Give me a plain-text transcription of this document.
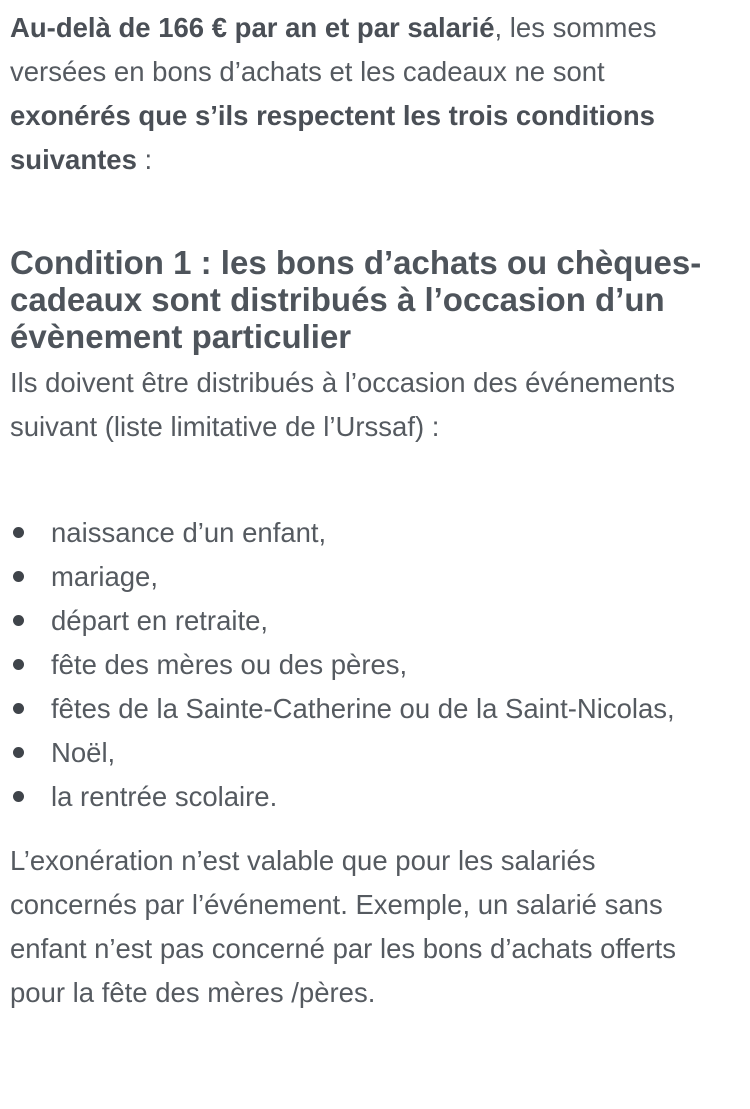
Au-delà de 166 € par an et par salarié, les sommes versées en bons d’achats et les cadeaux ne sont exonérés que s’ils respectent les trois conditions suivantes :

Condition 1 : les bons d’achats ou chèques-cadeaux sont distribués à l’occasion d’un évènement particulier

Ils doivent être distribués à l’occasion des événements suivant (liste limitative de l’Urssaf) :

naissance d’un enfant,
mariage,
départ en retraite,
fête des mères ou des pères,
fêtes de la Sainte-Catherine ou de la Saint-Nicolas,
Noël,
la rentrée scolaire.

L’exonération n’est valable que pour les salariés concernés par l’événement. Exemple, un salarié sans enfant n’est pas concerné par les bons d’achats offerts pour la fête des mères /pères.
